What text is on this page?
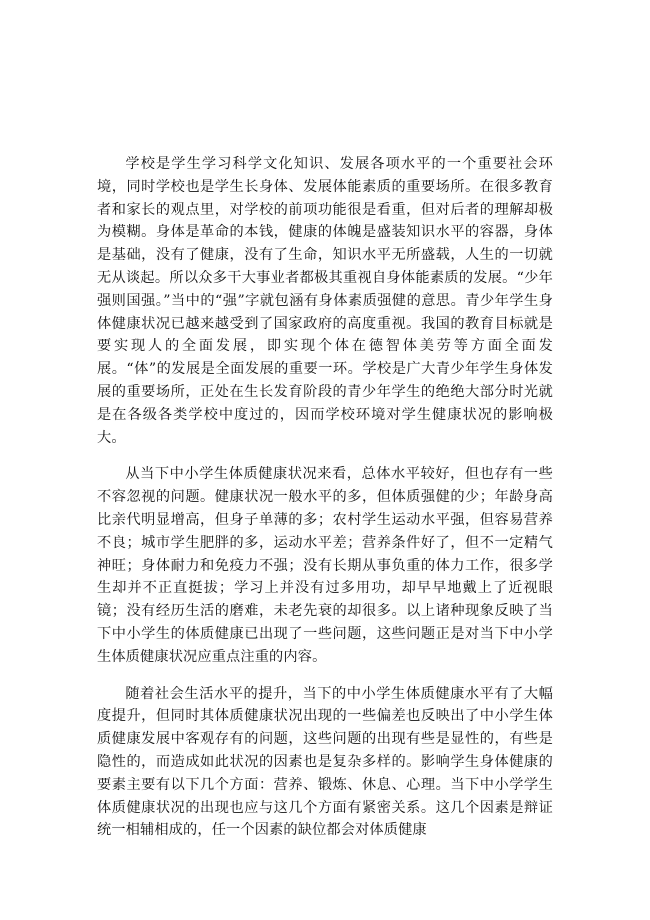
学校是学生学习科学文化知识、发展各项水平的一个重要社会环境，同时学校也是学生长身体、发展体能素质的重要场所。在很多教育者和家长的观点里，对学校的前项功能很是看重，但对后者的理解却极为模糊。身体是革命的本钱，健康的体魄是盛装知识水平的容器，身体是基础，没有了健康，没有了生命，知识水平无所盛载，人生的一切就无从谈起。所以众多干大事业者都极其重视自身体能素质的发展。“少年强则国强。”当中的“强”字就包涵有身体素质强健的意思。青少年学生身体健康状况已越来越受到了国家政府的高度重视。我国的教育目标就是要实现人的全面发展，即实现个体在德智体美劳等方面全面发展。“体”的发展是全面发展的重要一环。学校是广大青少年学生身体发展的重要场所，正处在生长发育阶段的青少年学生的绝绝大部分时光就是在各级各类学校中度过的，因而学校环境对学生健康状况的影响极大。

从当下中小学生体质健康状况来看，总体水平较好，但也存有一些不容忽视的问题。健康状况一般水平的多，但体质强健的少；年龄身高比亲代明显增高，但身子单薄的多；农村学生运动水平强，但容易营养不良；城市学生肥胖的多，运动水平差；营养条件好了，但不一定精气神旺；身体耐力和免疫力不强；没有长期从事负重的体力工作，很多学生却并不正直挺拔；学习上并没有过多用功，却早早地戴上了近视眼镜；没有经历生活的磨难，未老先衰的却很多。以上诸种现象反映了当下中小学生的体质健康已出现了一些问题，这些问题正是对当下中小学生体质健康状况应重点注重的内容。

随着社会生活水平的提升，当下的中小学生体质健康水平有了大幅度提升，但同时其体质健康状况出现的一些偏差也反映出了中小学生体质健康发展中客观存有的问题，这些问题的出现有些是显性的，有些是隐性的，而造成如此状况的因素也是复杂多样的。影响学生身体健康的要素主要有以下几个方面：营养、锻炼、休息、心理。当下中小学学生体质健康状况的出现也应与这几个方面有紧密关系。这几个因素是辩证统一相辅相成的，任一个因素的缺位都会对体质健康
